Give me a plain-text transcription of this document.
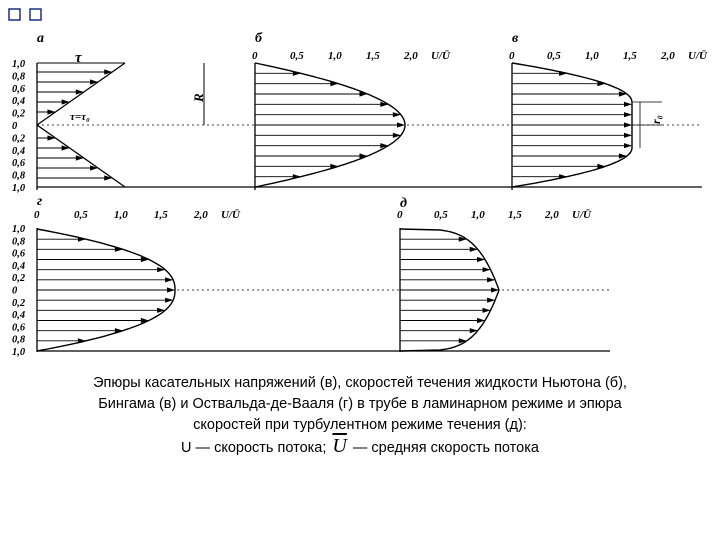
а	б	в
г	д
τ
τ=τ₀
R
r₀
1,0
0,8
0,6
0,4
0,2
0
0,2
0,4
0,6
0,8
1,0
1,0
0,8
0,6
0,4
0,2
0
0,2
0,4
0,6
0,8
1,0
0	0,5 1,0 1,5 2,0 U/Ū	0	0,5 1,0 1,5 2,0 U/Ū
0	0,5 1,0 1,5 2,0 U/Ū	0	0,5 1,0 1,5 2,0 U/Ū
Эпюры касательных напряжений (в), скоростей течения жидкости Ньютона (б),
Бингама (в) и Оствальда-де-Вааля (г) в трубе в ламинарном режиме и эпюра
скоростей при турбулентном режиме течения (д):
U — скорость потока; $\overline{U}$ — средняя скорость потока
